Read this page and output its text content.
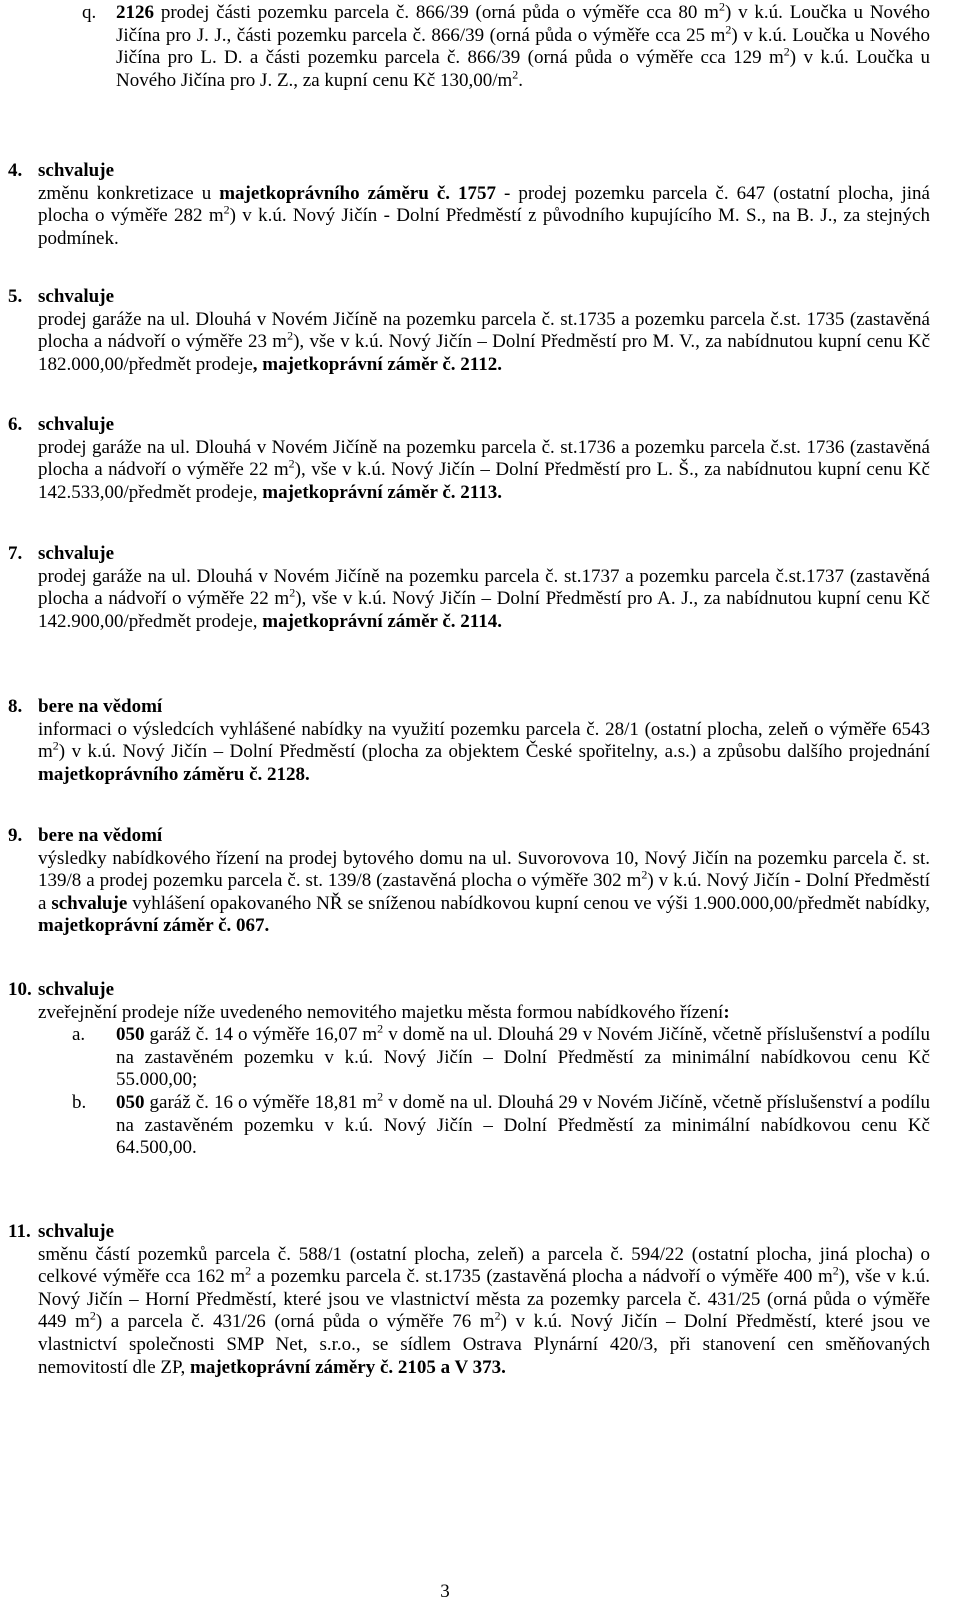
q. 2126 prodej části pozemku parcela č. 866/39 (orná půda o výměře cca 80 $m^2$) v k.ú. Loučka u Nového Jičína pro J. J., části pozemku parcela č. 866/39 (orná půda o výměře cca 25 $m^2$) v k.ú. Loučka u Nového Jičína pro L. D. a části pozemku parcela č. 866/39 (orná půda o výměře cca 129 $m^2$) v k.ú. Loučka u Nového Jičína pro J. Z., za kupní cenu Kč $130,00/m^2$.
4. schvaluje
změnu konkretizace u majetkoprávního záměru č. 1757 - prodej pozemku parcela č. 647 (ostatní plocha, jiná plocha o výměře 282 $m^2$) v k.ú. Nový Jičín - Dolní Předměstí z původního kupujícího M. S., na B. J., za stejných podmínek.
5. schvaluje
prodej garáže na ul. Dlouhá v Novém Jičíně na pozemku parcela č. st.1735 a pozemku parcela č.st. 1735 (zastavěná plocha a nádvoří o výměře 23 $m^2$), vše v k.ú. Nový Jičín – Dolní Předměstí pro M. V., za nabídnutou kupní cenu Kč 182.000,00/předmět prodeje, majetkoprávní záměr č. 2112.
6. schvaluje
prodej garáže na ul. Dlouhá v Novém Jičíně na pozemku parcela č. st.1736 a pozemku parcela č.st. 1736 (zastavěná plocha a nádvoří o výměře 22 $m^2$), vše v k.ú. Nový Jičín – Dolní Předměstí pro L. Š., za nabídnutou kupní cenu Kč 142.533,00/předmět prodeje, majetkoprávní záměr č. 2113.
7. schvaluje
prodej garáže na ul. Dlouhá v Novém Jičíně na pozemku parcela č. st.1737 a pozemku parcela č.st.1737 (zastavěná plocha a nádvoří o výměře 22 $m^2$), vše v k.ú. Nový Jičín – Dolní Předměstí pro A. J., za nabídnutou kupní cenu Kč 142.900,00/předmět prodeje, majetkoprávní záměr č. 2114.
8. bere na vědomí
informaci o výsledcích vyhlášené nabídky na využití pozemku parcela č. 28/1 (ostatní plocha, zeleň o výměře 6543 $m^2$) v k.ú. Nový Jičín – Dolní Předměstí (plocha za objektem České spořitelny, a.s.) a způsobu dalšího projednání majetkoprávního záměru č. 2128.
9. bere na vědomí
výsledky nabídkového řízení na prodej bytového domu na ul. Suvorovova 10, Nový Jičín na pozemku parcela č. st. 139/8 a prodej pozemku parcela č. st. 139/8 (zastavěná plocha o výměře 302 $m^2$) v k.ú. Nový Jičín - Dolní Předměstí a schvaluje vyhlášení opakovaného NŘ se sníženou nabídkovou kupní cenou ve výši 1.900.000,00/předmět nabídky, majetkoprávní záměr č. 067.
10. schvaluje
zveřejnění prodeje níže uvedeného nemovitého majetku města formou nabídkového řízení:
a. 050 garáž č. 14 o výměře 16,07 $m^2$ v domě na ul. Dlouhá 29 v Novém Jičíně, včetně příslušenství a podílu na zastavěném pozemku v k.ú. Nový Jičín – Dolní Předměstí za minimální nabídkovou cenu Kč 55.000,00;
b. 050 garáž č. 16 o výměře 18,81 $m^2$ v domě na ul. Dlouhá 29 v Novém Jičíně, včetně příslušenství a podílu na zastavěném pozemku v k.ú. Nový Jičín – Dolní Předměstí za minimální nabídkovou cenu Kč 64.500,00.
11. schvaluje
směnu částí pozemků parcela č. 588/1 (ostatní plocha, zeleň) a parcela č. 594/22 (ostatní plocha, jiná plocha) o celkové výměře cca 162 $m^2$ a pozemku parcela č. st.1735 (zastavěná plocha a nádvoří o výměře 400 $m^2$), vše v k.ú. Nový Jičín – Horní Předměstí, které jsou ve vlastnictví města za pozemky parcela č. 431/25 (orná půda o výměře 449 $m^2$) a parcela č. 431/26 (orná půda o výměře 76 $m^2$) v k.ú. Nový Jičín – Dolní Předměstí, které jsou ve vlastnictví společnosti SMP Net, s.r.o., se sídlem Ostrava Plynární 420/3, při stanovení cen směňovaných nemovitostí dle ZP, majetkoprávní záměry č. 2105 a V 373.
3
